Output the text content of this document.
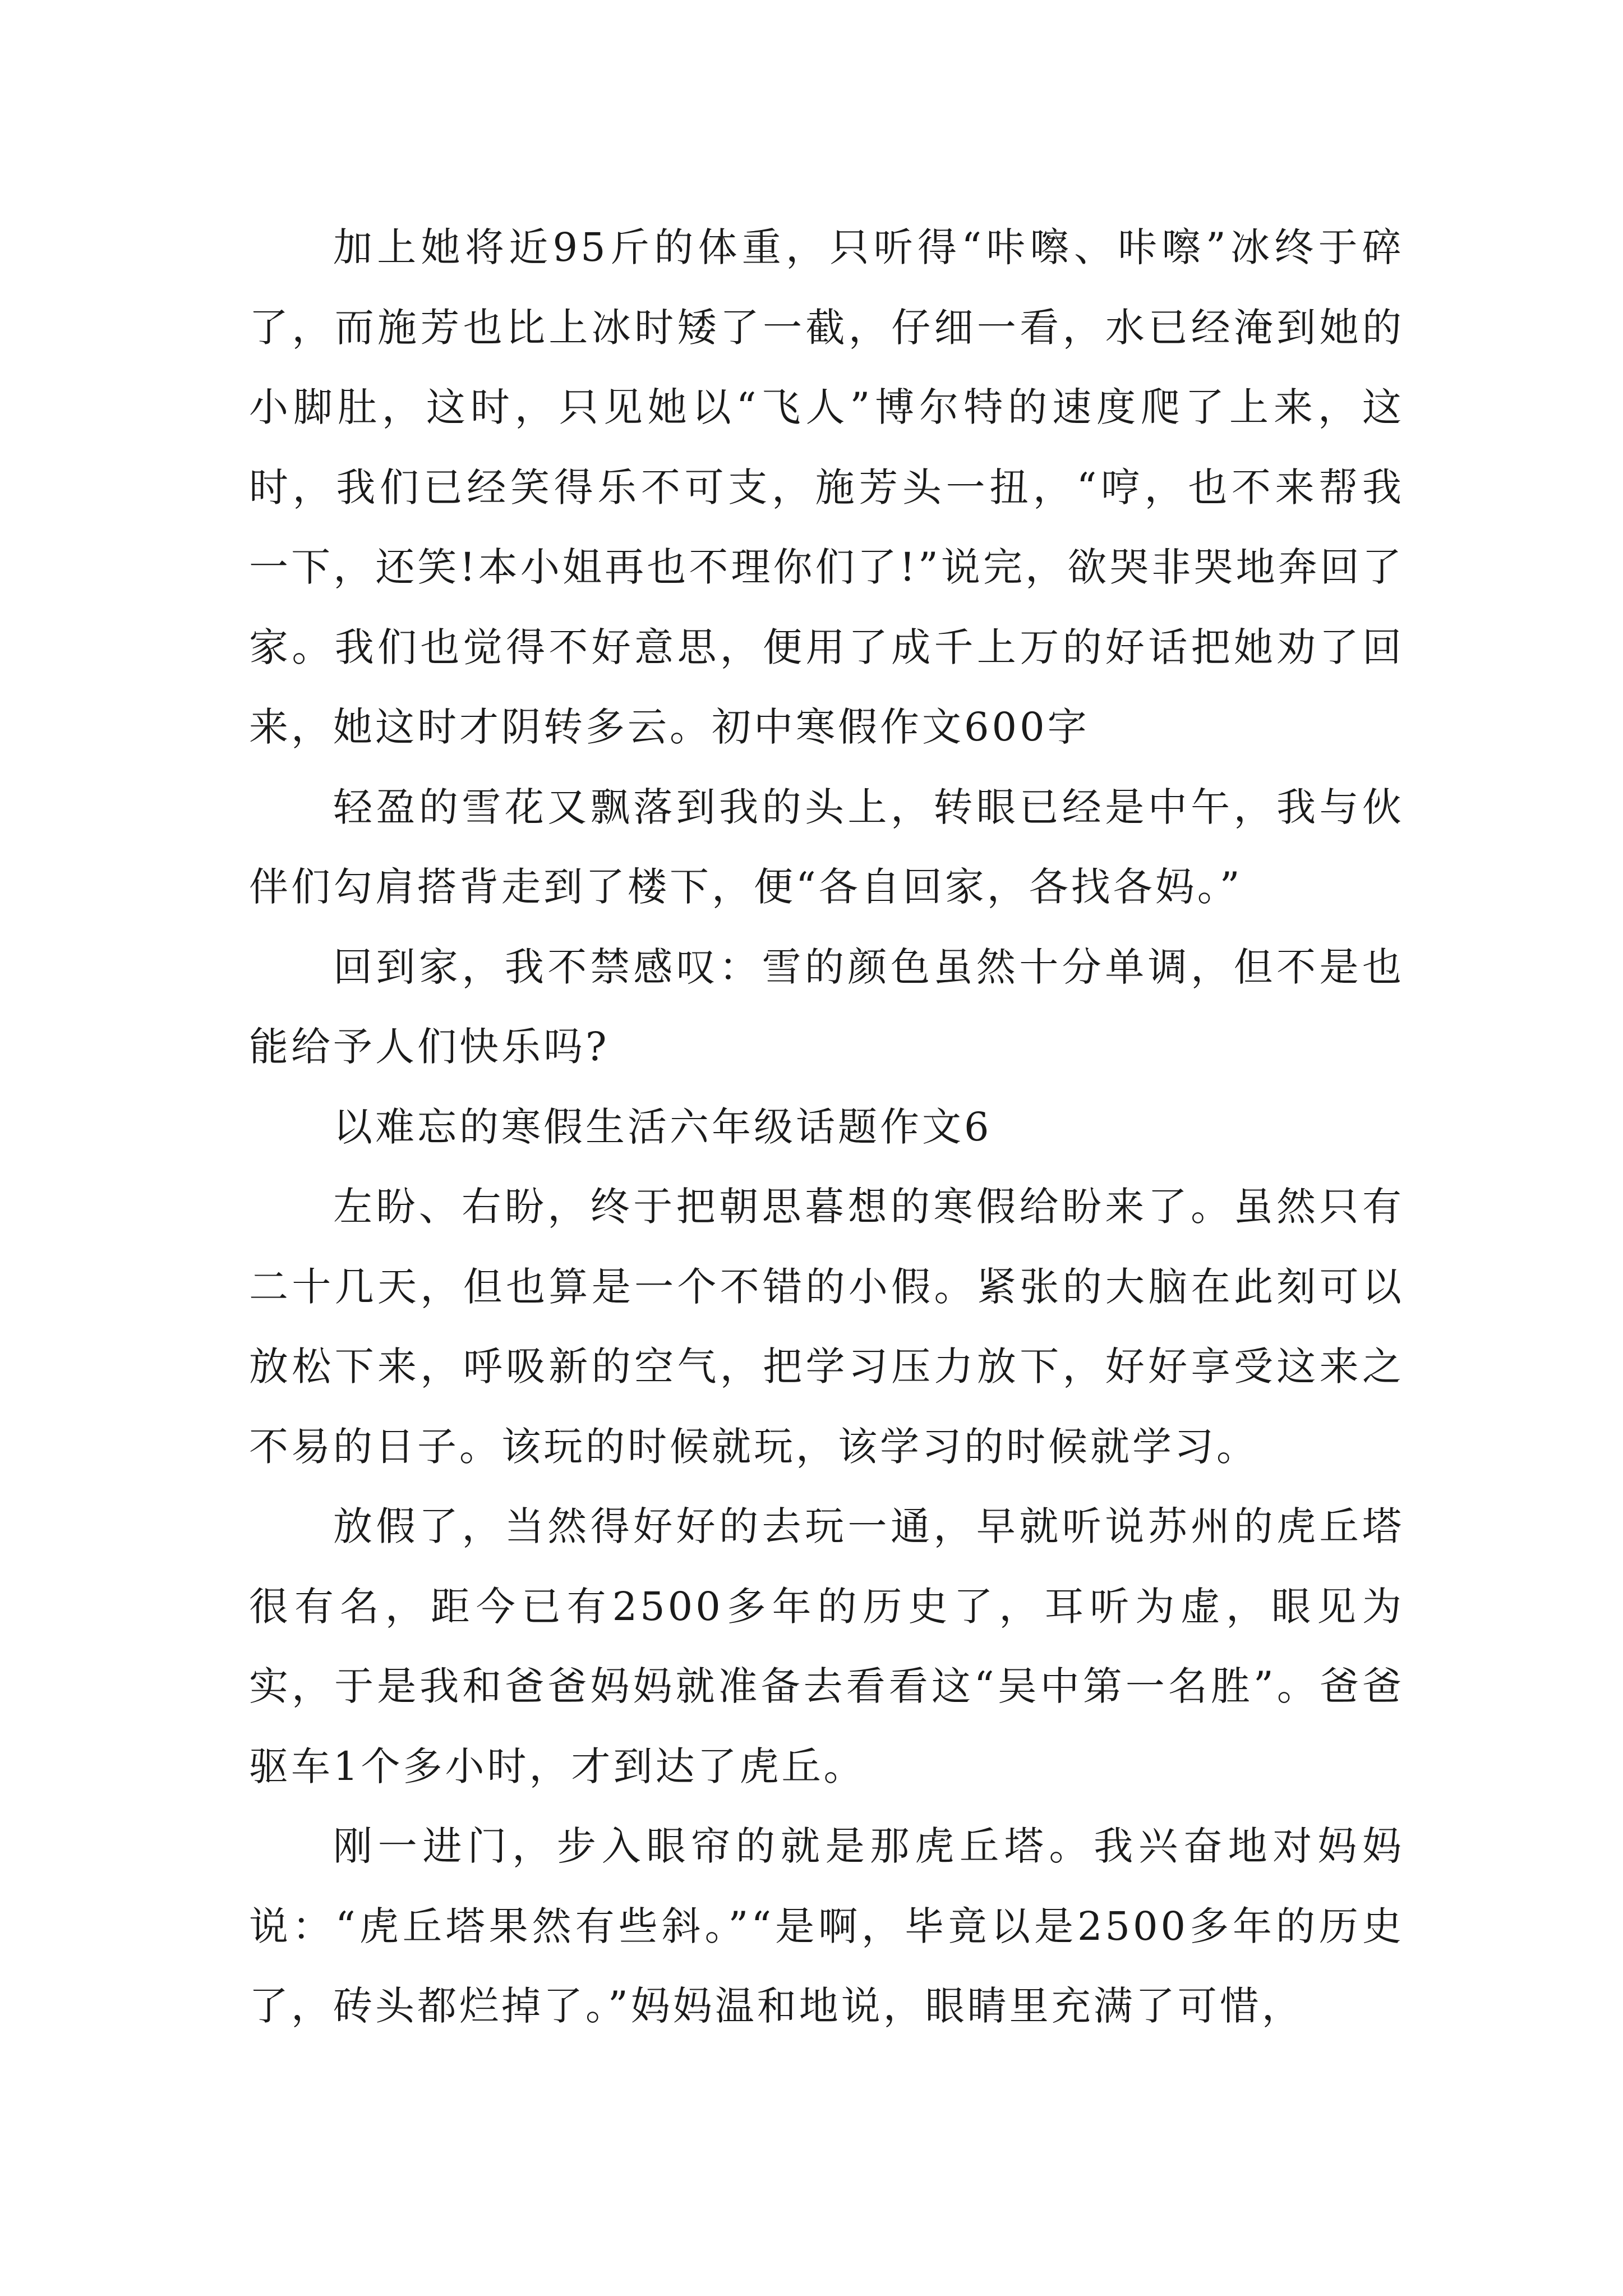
加上她将近95斤的体重，只听得“咔嚓、咔嚓”冰终于碎了，而施芳也比上冰时矮了一截，仔细一看，水已经淹到她的小脚肚，这时，只见她以“飞人”博尔特的速度爬了上来，这时，我们已经笑得乐不可支，施芳头一扭，“哼，也不来帮我一下，还笑!本小姐再也不理你们了!”说完，欲哭非哭地奔回了家。我们也觉得不好意思，便用了成千上万的好话把她劝了回来，她这时才阴转多云。初中寒假作文600字

轻盈的雪花又飘落到我的头上，转眼已经是中午，我与伙伴们勾肩搭背走到了楼下，便“各自回家，各找各妈。”

回到家，我不禁感叹：雪的颜色虽然十分单调，但不是也能给予人们快乐吗?

以难忘的寒假生活六年级话题作文6

左盼、右盼，终于把朝思暮想的寒假给盼来了。虽然只有二十几天，但也算是一个不错的小假。紧张的大脑在此刻可以放松下来，呼吸新的空气，把学习压力放下，好好享受这来之不易的日子。该玩的时候就玩，该学习的时候就学习。

放假了，当然得好好的去玩一通，早就听说苏州的虎丘塔很有名，距今已有2500多年的历史了，耳听为虚，眼见为实，于是我和爸爸妈妈就准备去看看这“吴中第一名胜”。爸爸驱车1个多小时，才到达了虎丘。

刚一进门，步入眼帘的就是那虎丘塔。我兴奋地对妈妈说：“虎丘塔果然有些斜。”“是啊，毕竟以是2500多年的历史了，砖头都烂掉了。”妈妈温和地说，眼睛里充满了可惜，
